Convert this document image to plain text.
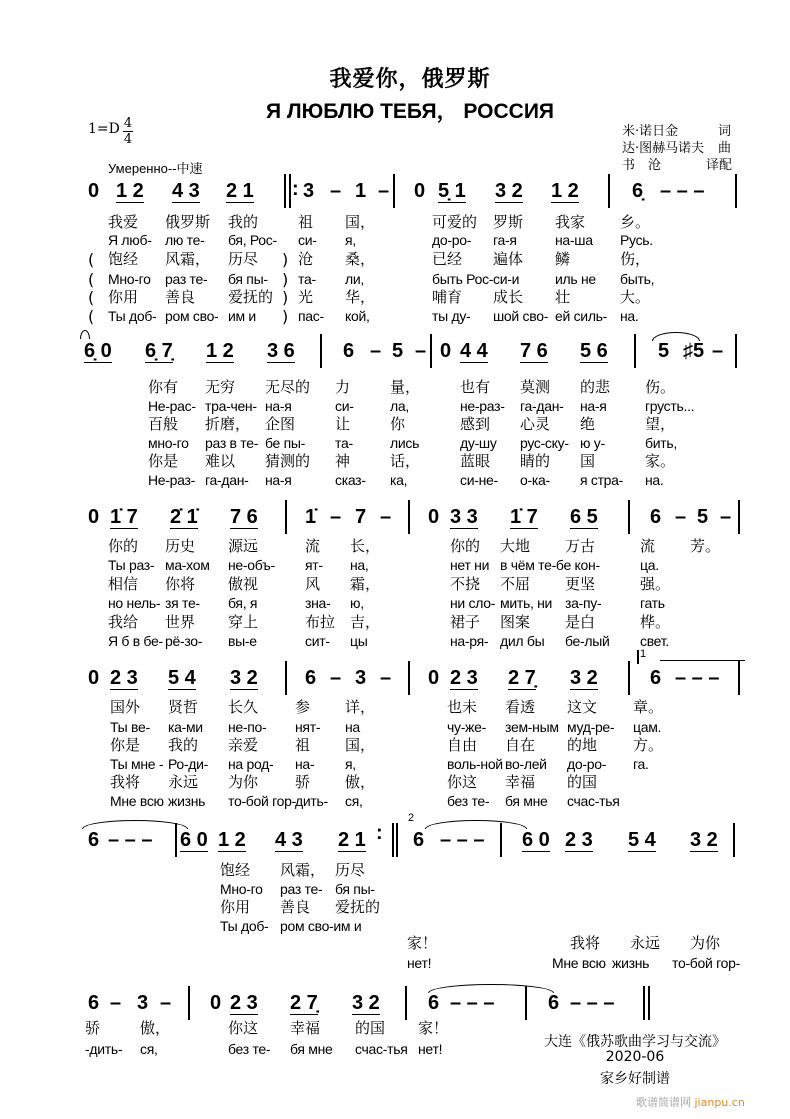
我爱你，俄罗斯
Я ЛЮБЛЮ ТЕБЯ， РОССИЯ
1=D 4
4
Умеренно--中速
米·诺日金	词
达·图赫马诺夫 曲
书　沧	译配
0 1 2 4 3 2 1 3 – 1 – 0 5̣ 1 3 2 1 2	6̣ – – –
我爱 俄罗斯 我的	祖 国，	可爱的 罗斯 我家 乡。
Я люб- лю те- бя, Рос- си- я,	до-ро- га-я	на-ша Русь.
饱经 风霜， 历尽	沧 桑，	已经 遍体 鳞	伤，
Мно-го раз те- бя пы- та- ли,	быть Рос- си-и	иль не быть,
你用 善良 爱抚的 光 华，	哺育 成长 壮	大。
Ты доб- ром сво- им и	пас- кой,	ты ду- шой сво- ей силь- на.
(	)
(	)
(	)
(	)
6̣ 0 6̣ 7̣ 1 2 3 6 6 – 5 – 0 4 4 7 6 5 6	5 ♯5 –
你有 无穷 无尽的 力	量，	也有 莫测 的悲 伤。
Не-рас- тра-чен- на-я	си-	ла,	не-раз- га-дан- на-я	грусть...
百般 折磨， 企图	让	你	感到 心灵 绝	望，
мно-го раз в те- бе пы- та-	лись	ду-шу рус-ску- ю у-	бить,
你是 难以 猜测的 神	话，	蓝眼 睛的 国	家。
Не-раз- га-дан- на-я	сказ- ка,	си-не- о-ка- я стра- на.
0 1̇ 7 2̇ 1̇ 7 6 1̇ – 7 – 0 3 3 1̇ 7 6 5	6 – 5 –
你的 历史 源远	流 长，	你的 大地 万古	流 芳。
Ты раз- ма-хом не-объ- ят- на,	нет ни в чём те-бе кон-	ца.
相信 你将 傲视	风 霜，	不挠 不屈 更坚	强。
но нель- зя те- бя, я	зна- ю,	ни сло- мить, ни за-пу-	гать
我给 世界 穿上	布拉 吉，	裙子 图案 是白	桦。
Я б в бе- рё-зо- вы-е	сит- цы	на-ря- дил бы бе-лый свет.
0 2 3 5 4 3 2 6 – 3 – 0 2 3 2 7̣ 3 2	6 – – –
国外 贤哲 长久 参 详，	也未 看透 这文 章。
Ты ве- ка-ми не-по- нят- на	чу-же- зем-ным муд-ре- цам.
你是 我的 亲爱 祖 国，	自由 自在 的地 方。
Ты мне - Ро-ди- на род- на- я,	воль-ной во-лей до-ро- га.
我将 永远 为你 骄 傲，	你这 幸福 的国
Мне всю жизнь то-бой гор- дить- ся,	без те- бя мне счас-тья
6 – – – 6 0 1 2 4 3 2 1 6 – – – 6 0 2 3 5 4 3 2
饱经 风霜， 历尽
Мно-го раз те- бя пы-
你用 善良 爱抚的
Ты доб- ром сво-им и
家！	我将 永远 为你
нет!	Мне всю жизнь то-бой гор-
6 – 3 – 0 2 3 2 7̣ 3 2 6 – – –	6 – – –
骄	傲，	你这 幸福 的国 家！
-дить- ся,	без те- бя мне счас-тья нет!
:
1
:
2
大连《俄苏歌曲学习与交流》
2020-06
家乡好制谱
歌谱简谱网 jianpu.cn
